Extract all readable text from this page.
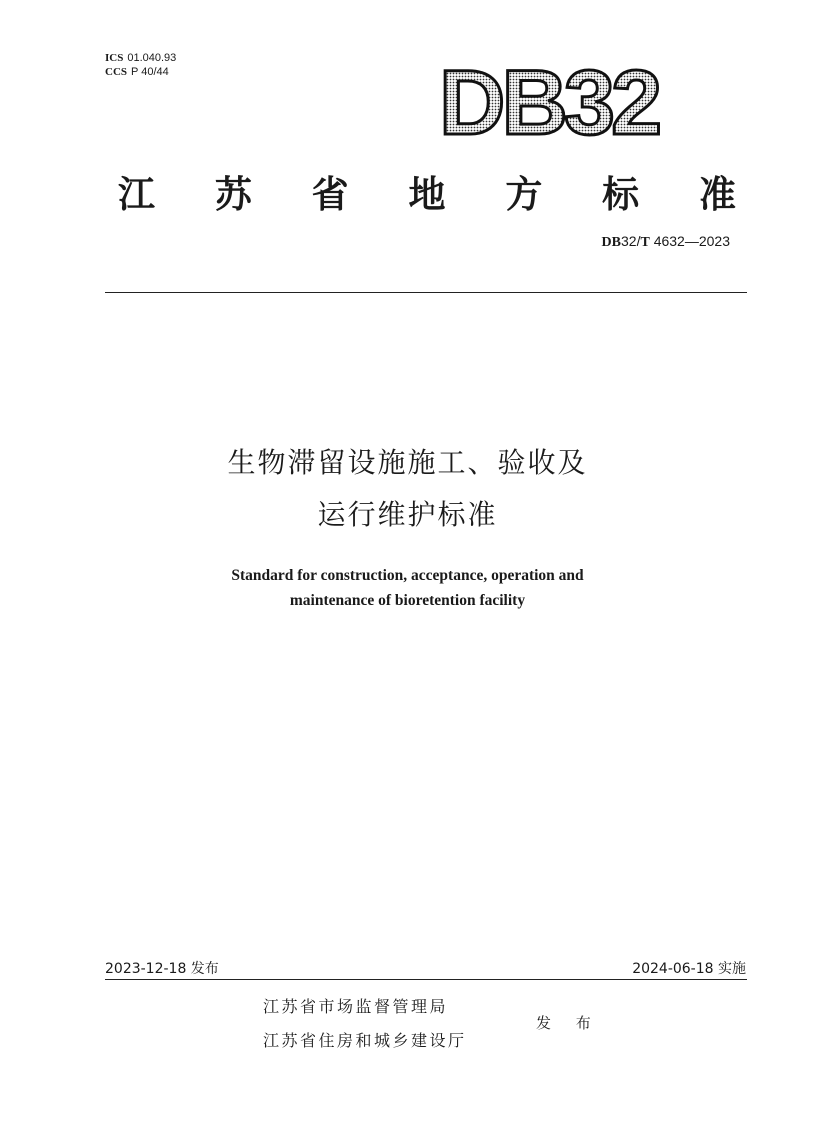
ICS 01.040.93
CCS P 40/44	DB32
江 苏 省 地 方 标 准
DB32/T 4632—2023
生物滞留设施施工、验收及
运行维护标准
Standard for construction, acceptance, operation and
maintenance of bioretention facility
2023-12-18 发布	2024-06-18 实施
江苏省市场监督管理局
江苏省住房和城乡建设厅
发 布
